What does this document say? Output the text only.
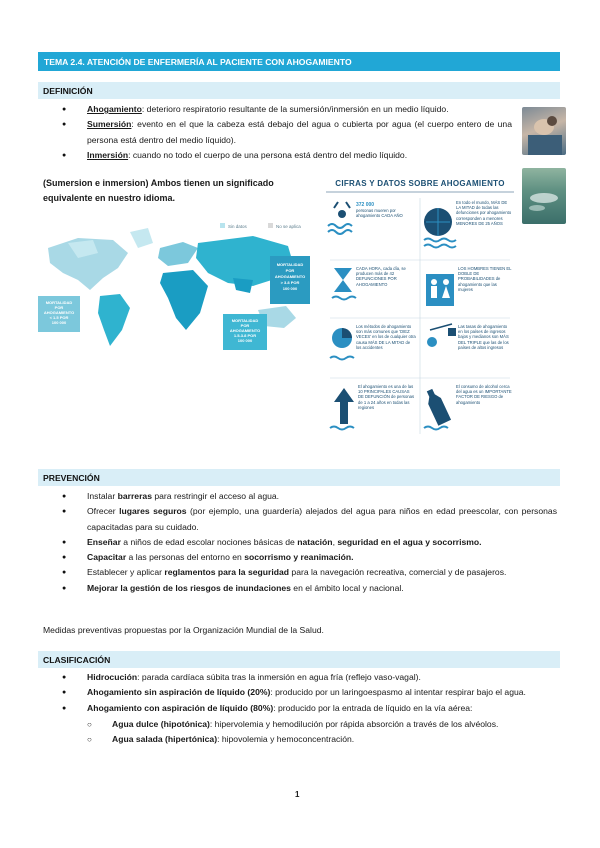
TEMA 2.4. ATENCIÓN DE ENFERMERÍA AL PACIENTE CON AHOGAMIENTO
DEFINICIÓN
● Ahogamiento: deterioro respiratorio resultante de la sumersión/inmersión en un medio líquido.
● Sumersión: evento en el que la cabeza está debajo del agua o cubierta por agua (el cuerpo entero de una persona está dentro del medio líquido).
● Inmersión: cuando no todo el cuerpo de una persona está dentro del medio líquido.
(Sumersion e inmersion) Ambos tienen un significado equivalente en nuestro idioma.
Sin datos	No se aplica
MORTALIDAD POR AHOGAMIENTO < 1.5 POR 100 000
MORTALIDAD POR AHOGAMIENTO > 3.8 POR 100 000
MORTALIDAD POR AHOGAMIENTO 1.5-3.8 POR 100 000
CIFRAS Y DATOS SOBRE AHOGAMIENTO
372 000
personas mueren por ahogamiento CADA AÑO
En todo el mundo, MÁS DE LA MITAD de todas las defunciones por ahogamiento corresponden a menores MENORES DE 25 AÑOS
CADA HORA, cada día, se producen más de 42 DEFUNCIONES POR AHOGAMIENTO
LOS HOMBRES TIENEN EL DOBLE DE PROBABILIDADES de ahogamiento que las mujeres
Los métodos de ahogamiento son más comunes que 'DIEZ VECES' en los de cualquier otra causa MÁS DE LA MITAD de los accidentes
Las tasas de ahogamiento en los países de ingresos bajos y medianos son MÁS DEL TRIPLE que las de los países de altos ingresos
El ahogamiento es una de las 10 PRINCIPALES CAUSAS DE DEFUNCIÓN de personas de 1 a 24 años en todas las regiones
El consumo de alcohol cerca del agua es un IMPORTANTE FACTOR DE RIESGO de ahogamiento
PREVENCIÓN
● Instalar barreras para restringir el acceso al agua.
● Ofrecer lugares seguros (por ejemplo, una guardería) alejados del agua para niños en edad preescolar, con personas capacitadas para su cuidado.
● Enseñar a niños de edad escolar nociones básicas de natación, seguridad en el agua y socorrismo.
● Capacitar a las personas del entorno en socorrismo y reanimación.
● Establecer y aplicar reglamentos para la seguridad para la navegación recreativa, comercial y de pasajeros.
● Mejorar la gestión de los riesgos de inundaciones en el ámbito local y nacional.
Medidas preventivas propuestas por la Organización Mundial de la Salud.
CLASIFICACIÓN
● Hidrocución: parada cardíaca súbita tras la inmersión en agua fría (reflejo vaso-vagal).
● Ahogamiento sin aspiración de líquido (20%): producido por un laringoespasmo al intentar respirar bajo el agua.
● Ahogamiento con aspiración de líquido (80%): producido por la entrada de líquido en la vía aérea:
○ Agua dulce (hipotónica): hipervolemia y hemodilución por rápida absorción a través de los alvéolos.
○ Agua salada (hipertónica): hipovolemia y hemoconcentración.
1
